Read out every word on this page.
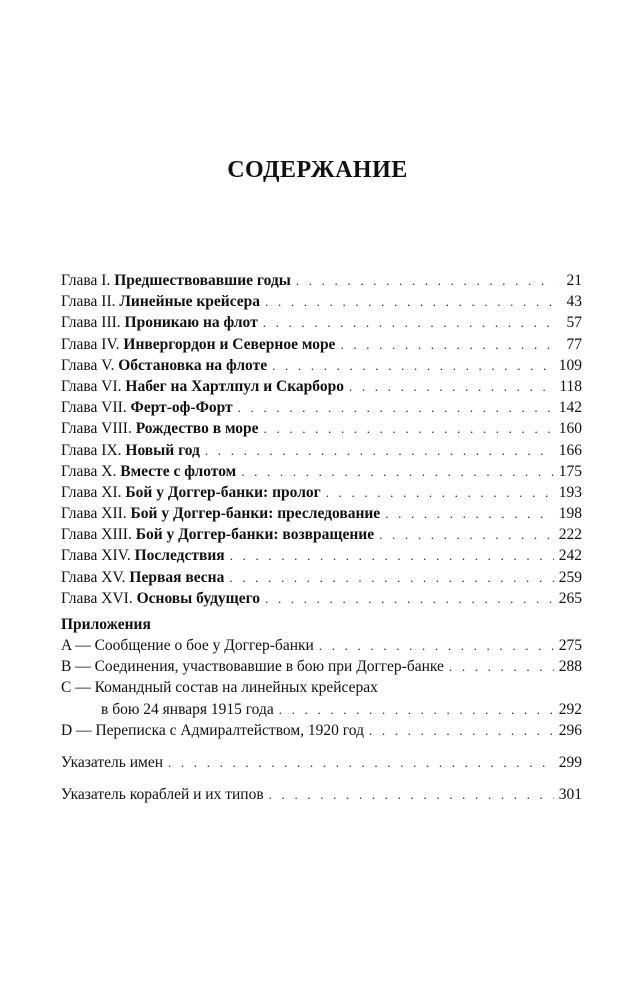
СОДЕРЖАНИЕ
Глава I. Предшествовавшие годы . . .	21
Глава II. Линейные крейсера . . .	43
Глава III. Проникаю на флот . . .	57
Глава IV. Инвергордон и Северное море . . .	77
Глава V. Обстановка на флоте . . .	109
Глава VI. Набег на Хартлпул и Скарборо . . .	118
Глава VII. Ферт-оф-Форт . . .	142
Глава VIII. Рождество в море . . .	160
Глава IX. Новый год . . .	166
Глава X. Вместе с флотом . . .	175
Глава XI. Бой у Доггер-банки: пролог . . .	193
Глава XII. Бой у Доггер-банки: преследование . . .	198
Глава XIII. Бой у Доггер-банки: возвращение . . .	222
Глава XIV. Последствия . . .	242
Глава XV. Первая весна . . .	259
Глава XVI. Основы будущего . . .	265
Приложения
A — Сообщение о бое у Доггер-банки . . .	275
B — Соединения, участвовавшие в бою при Доггер-банке . . .	288
C — Командный состав на линейных крейсерах
в бою 24 января 1915 года . . .	292
D — Переписка с Адмиралтейством, 1920 год . . .	296
Указатель имен . . .	299
Указатель кораблей и их типов . . .	301
